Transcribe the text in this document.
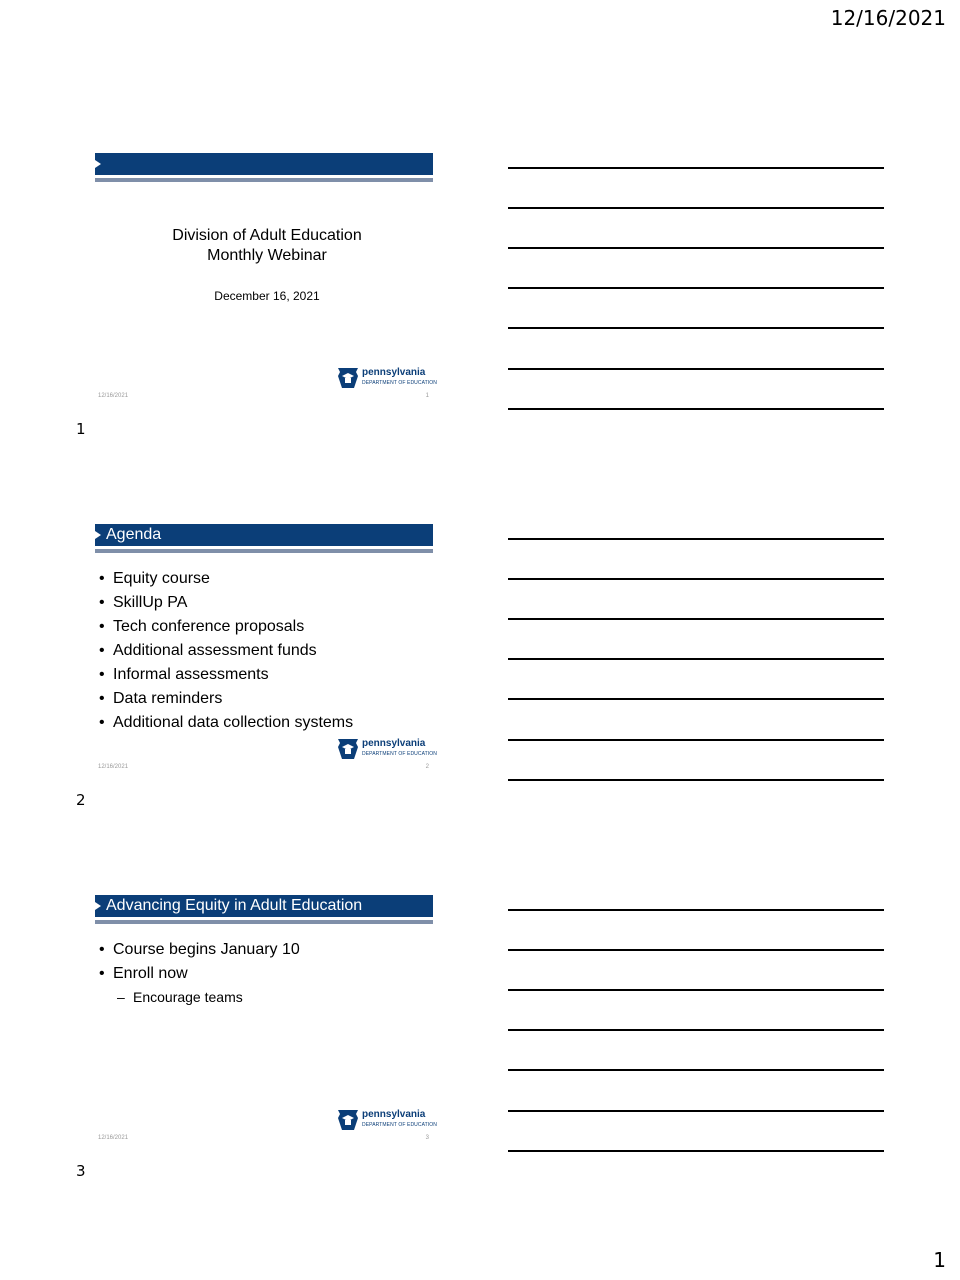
12/16/2021
Division of Adult Education
Monthly Webinar
December 16, 2021
pennsylvania
DEPARTMENT OF EDUCATION
12/16/2021	1
1
Agenda
• Equity course
• SkillUp PA
• Tech conference proposals
• Additional assessment funds
• Informal assessments
• Data reminders
• Additional data collection systems
pennsylvania
DEPARTMENT OF EDUCATION
12/16/2021	2
2
Advancing Equity in Adult Education
• Course begins January 10
• Enroll now
– Encourage teams
pennsylvania
DEPARTMENT OF EDUCATION
12/16/2021	3
3
1
